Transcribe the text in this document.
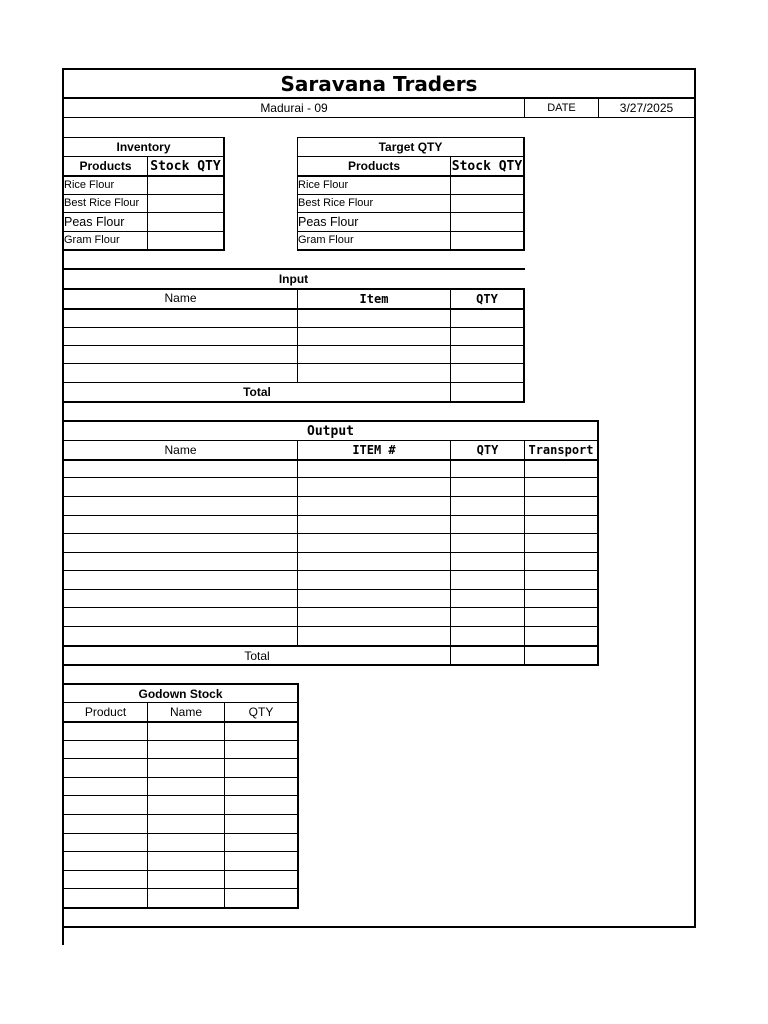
Saravana Traders
Madurai - 09	DATE	3/27/2025
Inventory
Products	Stock QTY
Rice Flour
Best Rice Flour
Peas Flour
Gram Flour
Target QTY
Products	Stock QTY
Rice Flour
Best Rice Flour
Peas Flour
Gram Flour
Input
Name	Item	QTY
Total
Output
Name	ITEM #	QTY	Transport
Total
Godown Stock
Product	Name	QTY
